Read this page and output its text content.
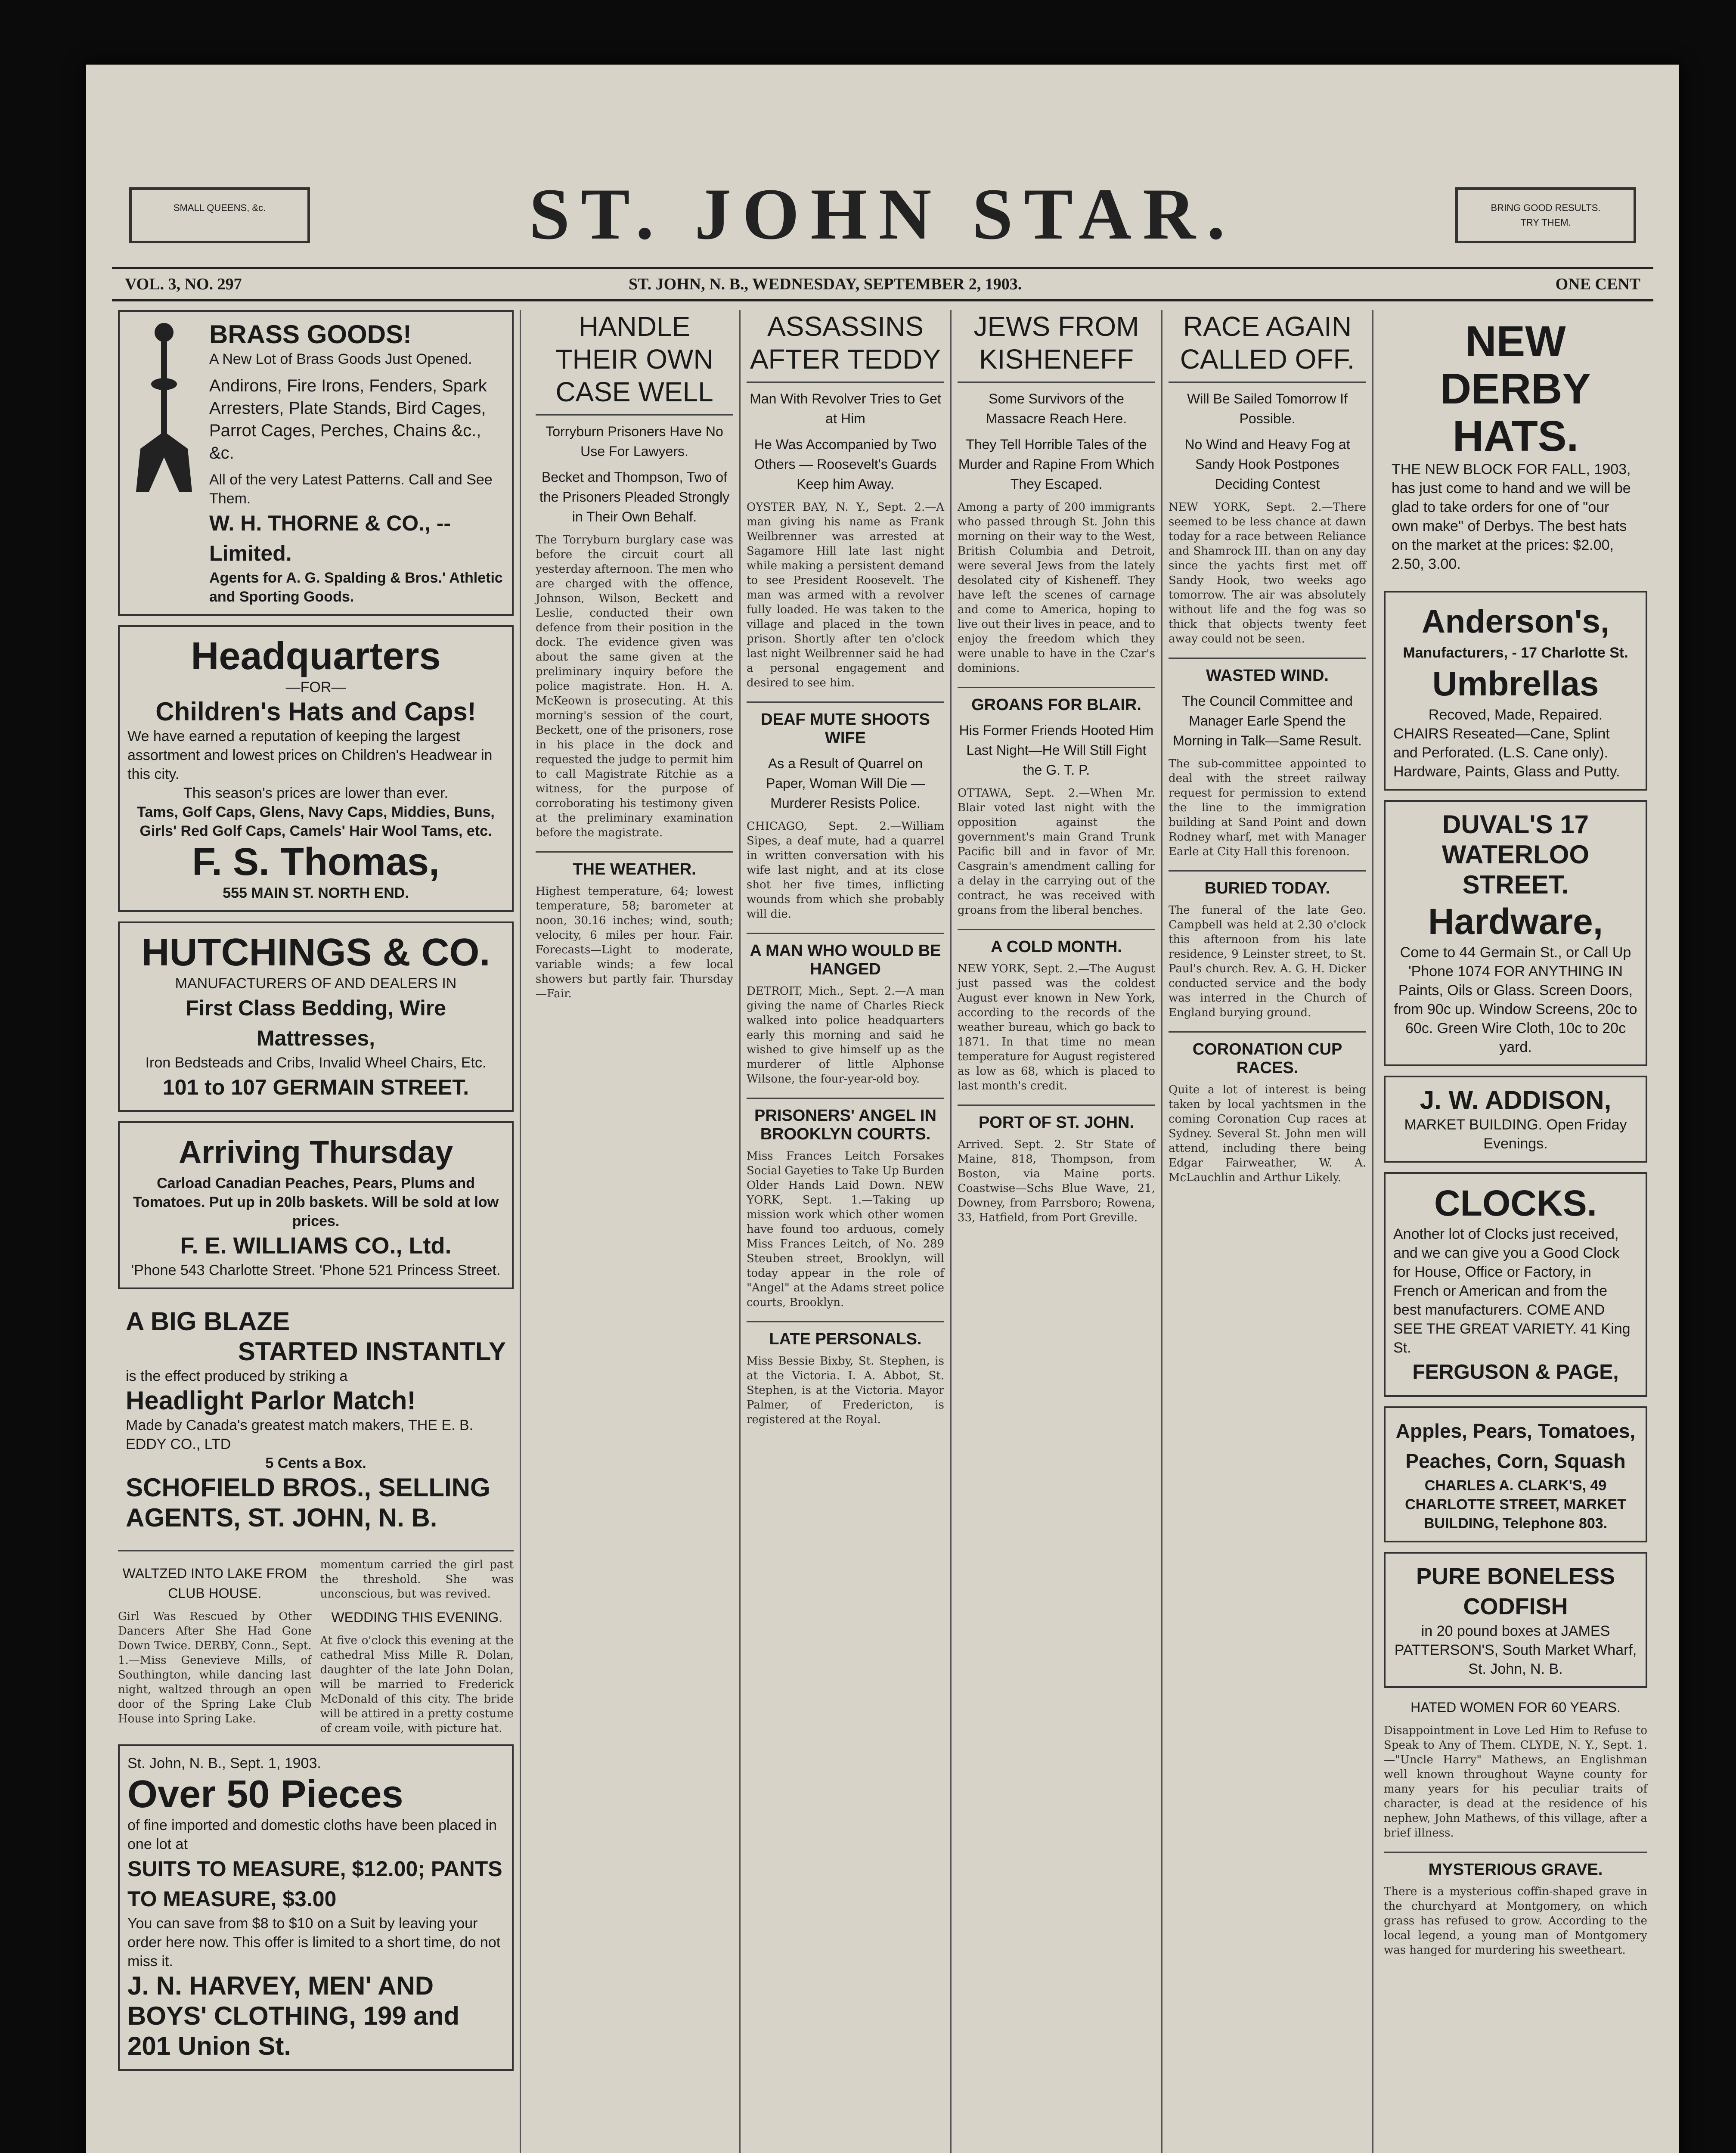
SMALL QUEENS, &c.	ST. JOHN STAR.	BRING GOOD RESULTS.
TRY THEM.
VOL. 3, NO. 297	ST. JOHN, N. B., WEDNESDAY, SEPTEMBER 2, 1903.	ONE CENT
BRASS GOODS!
A New Lot of Brass Goods Just Opened.
Andirons, Fire Irons, Fenders, Spark Arresters, Plate Stands, Bird Cages, Parrot Cages, Perches, Chains &c., &c.
All of the very Latest Patterns. Call and See Them.
W. H. THORNE & CO., -- Limited.
Agents for A. G. Spalding & Bros.' Athletic and Sporting Goods.
Headquarters
—FOR—
Children's Hats and Caps!
We have earned a reputation of keeping the largest assortment and lowest prices on Children's Headwear in this city.
This season's prices are lower than ever.
Tams, Golf Caps, Glens, Navy Caps, Middies, Buns, Girls' Red Golf Caps, Camels' Hair Wool Tams, etc.
F. S. Thomas,
555 MAIN ST. NORTH END.
HUTCHINGS & CO.
MANUFACTURERS OF AND DEALERS IN
First Class Bedding, Wire Mattresses,
Iron Bedsteads and Cribs, Invalid Wheel Chairs, Etc.
101 to 107 GERMAIN STREET.
Arriving Thursday
Carload Canadian Peaches, Pears, Plums and Tomatoes. Put up in 20lb baskets. Will be sold at low prices.
F. E. WILLIAMS CO., Ltd.
'Phone 543 Charlotte Street. 'Phone 521 Princess Street.
A BIG BLAZE
STARTED INSTANTLY
is the effect produced by striking a
Headlight Parlor Match!
Made by Canada's greatest match makers, THE E. B. EDDY CO., LTD
5 Cents a Box.
SCHOFIELD BROS., SELLING AGENTS, ST. JOHN, N. B.
WALTZED INTO LAKE FROM CLUB HOUSE.
Girl Was Rescued by Other Dancers After She Had Gone Down Twice. DERBY, Conn., Sept. 1.—Miss Genevieve Mills, of Southington, while dancing last night, waltzed through an open door of the Spring Lake Club House into Spring Lake.
momentum carried the girl past the threshold. She was unconscious, but was revived.
WEDDING THIS EVENING.
At five o'clock this evening at the cathedral Miss Mille R. Dolan, daughter of the late John Dolan, will be married to Frederick McDonald of this city. The bride will be attired in a pretty costume of cream voile, with picture hat.
St. John, N. B., Sept. 1, 1903.
Over 50 Pieces
of fine imported and domestic cloths have been placed in one lot at
SUITS TO MEASURE, $12.00; PANTS TO MEASURE, $3.00
You can save from $8 to $10 on a Suit by leaving your order here now. This offer is limited to a short time, do not miss it.
J. N. HARVEY, MEN' AND BOYS' CLOTHING, 199 and 201 Union St.
HANDLE THEIR OWN CASE WELL
Torryburn Prisoners Have No Use For Lawyers.
Becket and Thompson, Two of the Prisoners Pleaded Strongly in Their Own Behalf.
The Torryburn burglary case was before the circuit court all yesterday afternoon. The men who are charged with the offence, Johnson, Wilson, Beckett and Leslie, conducted their own defence from their position in the dock. The evidence given was about the same given at the preliminary inquiry before the police magistrate. Hon. H. A. McKeown is prosecuting. At this morning's session of the court, Beckett, one of the prisoners, rose in his place in the dock and requested the judge to permit him to call Magistrate Ritchie as a witness, for the purpose of corroborating his testimony given at the preliminary examination before the magistrate.
THE WEATHER.
Highest temperature, 64; lowest temperature, 58; barometer at noon, 30.16 inches; wind, south; velocity, 6 miles per hour. Fair. Forecasts—Light to moderate, variable winds; a few local showers but partly fair. Thursday—Fair.
ASSASSINS AFTER TEDDY
Man With Revolver Tries to Get at Him
He Was Accompanied by Two Others — Roosevelt's Guards Keep him Away.
OYSTER BAY, N. Y., Sept. 2.—A man giving his name as Frank Weilbrenner was arrested at Sagamore Hill late last night while making a persistent demand to see President Roosevelt. The man was armed with a revolver fully loaded. He was taken to the village and placed in the town prison. Shortly after ten o'clock last night Weilbrenner said he had a personal engagement and desired to see him.
DEAF MUTE SHOOTS WIFE
As a Result of Quarrel on Paper, Woman Will Die — Murderer Resists Police.
CHICAGO, Sept. 2.—William Sipes, a deaf mute, had a quarrel in written conversation with his wife last night, and at its close shot her five times, inflicting wounds from which she probably will die.
A MAN WHO WOULD BE HANGED
DETROIT, Mich., Sept. 2.—A man giving the name of Charles Rieck walked into police headquarters early this morning and said he wished to give himself up as the murderer of little Alphonse Wilsone, the four-year-old boy.
PRISONERS' ANGEL IN BROOKLYN COURTS.
Miss Frances Leitch Forsakes Social Gayeties to Take Up Burden Older Hands Laid Down. NEW YORK, Sept. 1.—Taking up mission work which other women have found too arduous, comely Miss Frances Leitch, of No. 289 Steuben street, Brooklyn, will today appear in the role of "Angel" at the Adams street police courts, Brooklyn.
LATE PERSONALS.
Miss Bessie Bixby, St. Stephen, is at the Victoria. I. A. Abbot, St. Stephen, is at the Victoria. Mayor Palmer, of Fredericton, is registered at the Royal.
JEWS FROM KISHENEFF
Some Survivors of the Massacre Reach Here.
They Tell Horrible Tales of the Murder and Rapine From Which They Escaped.
Among a party of 200 immigrants who passed through St. John this morning on their way to the West, British Columbia and Detroit, were several Jews from the lately desolated city of Kisheneff. They have left the scenes of carnage and come to America, hoping to live out their lives in peace, and to enjoy the freedom which they were unable to have in the Czar's dominions.
GROANS FOR BLAIR.
His Former Friends Hooted Him Last Night—He Will Still Fight the G. T. P.
OTTAWA, Sept. 2.—When Mr. Blair voted last night with the opposition against the government's main Grand Trunk Pacific bill and in favor of Mr. Casgrain's amendment calling for a delay in the carrying out of the contract, he was received with groans from the liberal benches.
A COLD MONTH.
NEW YORK, Sept. 2.—The August just passed was the coldest August ever known in New York, according to the records of the weather bureau, which go back to 1871. In that time no mean temperature for August registered as low as 68, which is placed to last month's credit.
PORT OF ST. JOHN.
Arrived. Sept. 2. Str State of Maine, 818, Thompson, from Boston, via Maine ports. Coastwise—Schs Blue Wave, 21, Downey, from Parrsboro; Rowena, 33, Hatfield, from Port Greville.
RACE AGAIN CALLED OFF.
Will Be Sailed Tomorrow If Possible.
No Wind and Heavy Fog at Sandy Hook Postpones Deciding Contest
NEW YORK, Sept. 2.—There seemed to be less chance at dawn today for a race between Reliance and Shamrock III. than on any day since the yachts first met off Sandy Hook, two weeks ago tomorrow. The air was absolutely without life and the fog was so thick that objects twenty feet away could not be seen.
WASTED WIND.
The Council Committee and Manager Earle Spend the Morning in Talk—Same Result.
The sub-committee appointed to deal with the street railway request for permission to extend the line to the immigration building at Sand Point and down Rodney wharf, met with Manager Earle at City Hall this forenoon.
BURIED TODAY.
The funeral of the late Geo. Campbell was held at 2.30 o'clock this afternoon from his late residence, 9 Leinster street, to St. Paul's church. Rev. A. G. H. Dicker conducted service and the body was interred in the Church of England burying ground.
CORONATION CUP RACES.
Quite a lot of interest is being taken by local yachtsmen in the coming Coronation Cup races at Sydney. Several St. John men will attend, including there being Edgar Fairweather, W. A. McLauchlin and Arthur Likely.
NEW DERBY HATS.
THE NEW BLOCK FOR FALL, 1903, has just come to hand and we will be glad to take orders for one of "our own make" of Derbys. The best hats on the market at the prices: $2.00, 2.50, 3.00.
Anderson's,
Manufacturers, - 17 Charlotte St.
Umbrellas
Recoved, Made, Repaired.
CHAIRS Reseated—Cane, Splint and Perforated. (L.S. Cane only). Hardware, Paints, Glass and Putty.
DUVAL'S 17 WATERLOO STREET.
Hardware,
Come to 44 Germain St., or Call Up 'Phone 1074 FOR ANYTHING IN Paints, Oils or Glass. Screen Doors, from 90c up. Window Screens, 20c to 60c. Green Wire Cloth, 10c to 20c yard.
J. W. ADDISON,
MARKET BUILDING. Open Friday Evenings.
CLOCKS.
Another lot of Clocks just received, and we can give you a Good Clock for House, Office or Factory, in French or American and from the best manufacturers. COME AND SEE THE GREAT VARIETY. 41 King St.
FERGUSON & PAGE,
Apples, Pears, Tomatoes, Peaches, Corn, Squash
CHARLES A. CLARK'S, 49 CHARLOTTE STREET, MARKET BUILDING, Telephone 803.
PURE BONELESS CODFISH
in 20 pound boxes at JAMES PATTERSON'S, South Market Wharf, St. John, N. B.
HATED WOMEN FOR 60 YEARS.
Disappointment in Love Led Him to Refuse to Speak to Any of Them. CLYDE, N. Y., Sept. 1.—"Uncle Harry" Mathews, an Englishman well known throughout Wayne county for many years for his peculiar traits of character, is dead at the residence of his nephew, John Mathews, of this village, after a brief illness.
MYSTERIOUS GRAVE.
There is a mysterious coffin-shaped grave in the churchyard at Montgomery, on which grass has refused to grow. According to the local legend, a young man of Montgomery was hanged for murdering his sweetheart.
